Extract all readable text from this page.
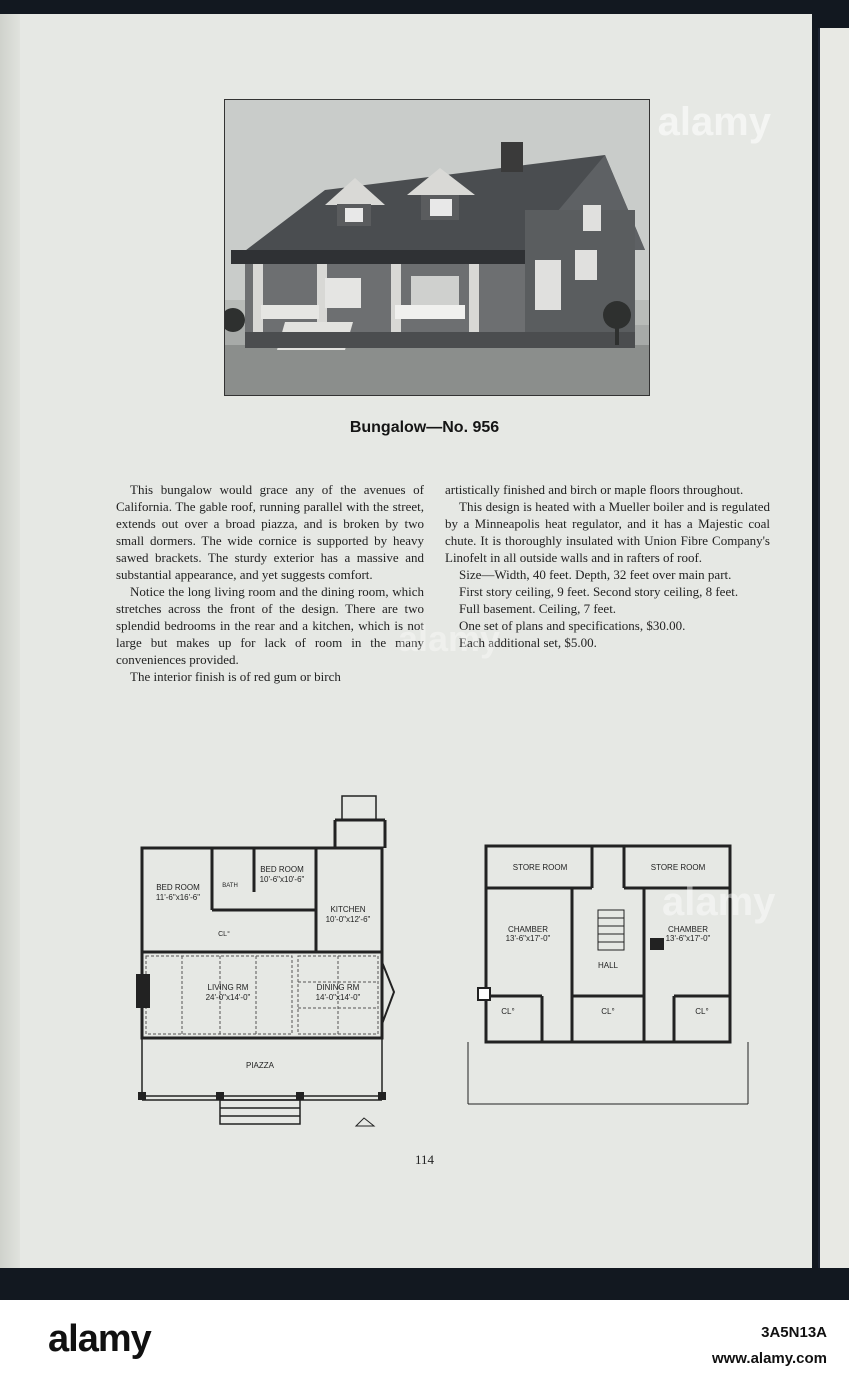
Bungalow—No. 956

This bungalow would grace any of the avenues of California. The gable roof, running parallel with the street, extends out over a broad piazza, and is broken by two small dormers. The wide cornice is supported by heavy sawed brackets. The sturdy exterior has a massive and substantial appearance, and yet suggests comfort.

Notice the long living room and the dining room, which stretches across the front of the design. There are two splendid bedrooms in the rear and a kitchen, which is not large but makes up for lack of room in the many conveniences provided.

The interior finish is of red gum or birch

artistically finished and birch or maple floors throughout.

This design is heated with a Mueller boiler and is regulated by a Minneapolis heat regulator, and it has a Majestic coal chute. It is thoroughly insulated with Union Fibre Company's Linofelt in all outside walls and in rafters of roof.

Size—Width, 40 feet. Depth, 32 feet over main part.

First story ceiling, 9 feet. Second story ceiling, 8 feet.

Full basement. Ceiling, 7 feet.

One set of plans and specifications, $30.00.

Each additional set, $5.00.

BED ROOM
11'-6"x16'-6"
BED ROOM
10'-6"x10'-6"
BATH
KITCHEN
10'-0"x12'-6"
CL°
LIVING RM
24'-0"x14'-0"
DINING RM
14'-0"x14'-0"
PIAZZA
STORE ROOM	STORE ROOM
CHAMBER
13'-6"x17'-0"
CHAMBER
13'-6"x17'-0"
HALL
CL°	CL°	CL°
114
alamy
alamy
alamy
alamy	3A5N13A
www.alamy.com
